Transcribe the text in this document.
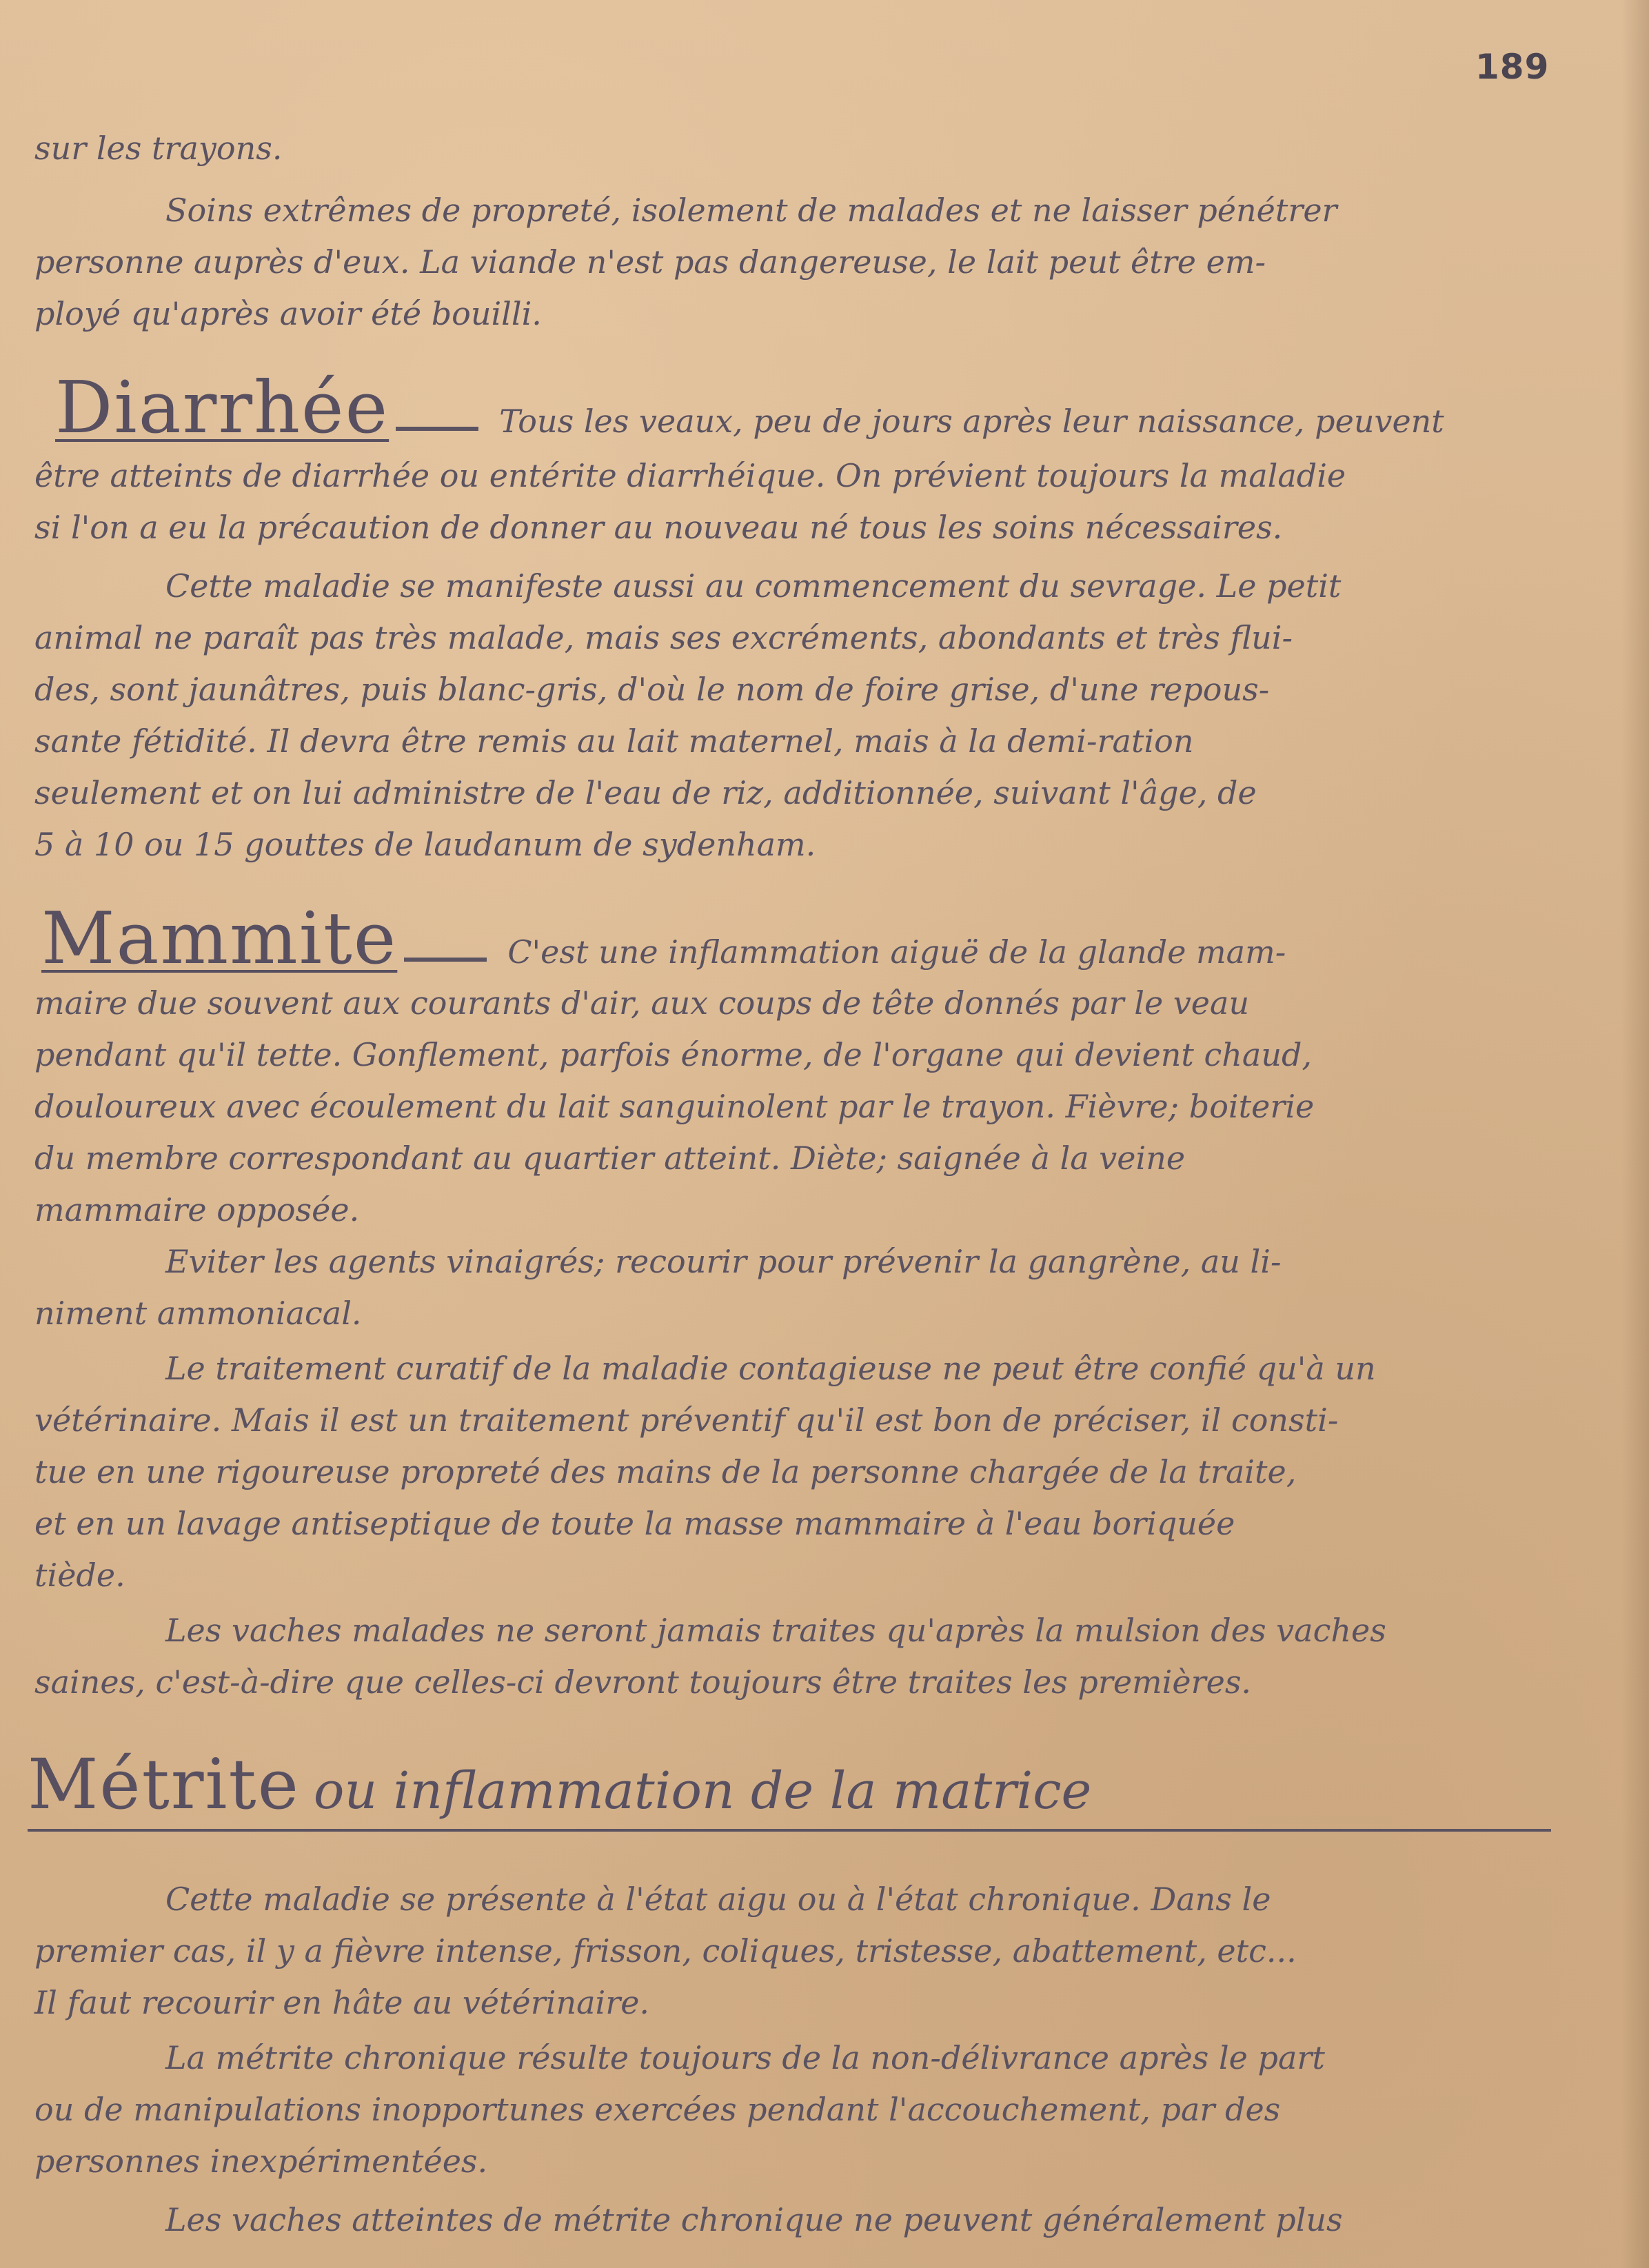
189
sur les trayons.
Soins extrêmes de propreté, isolement de malades et ne laisser pénétrer
personne auprès d'eux. La viande n'est pas dangereuse, le lait peut être em-
ployé qu'après avoir été bouilli.
Diarrhée	Tous les veaux, peu de jours après leur naissance, peuvent
être atteints de diarrhée ou entérite diarrhéique. On prévient toujours la maladie
si l'on a eu la précaution de donner au nouveau né tous les soins nécessaires.
Cette maladie se manifeste aussi au commencement du sevrage. Le petit
animal ne paraît pas très malade, mais ses excréments, abondants et très flui-
des, sont jaunâtres, puis blanc-gris, d'où le nom de foire grise, d'une repous-
sante fétidité. Il devra être remis au lait maternel, mais à la demi-ration
seulement et on lui administre de l'eau de riz, additionnée, suivant l'âge, de
5 à 10 ou 15 gouttes de laudanum de sydenham.
Mammite	C'est une inflammation aiguë de la glande mam-
maire due souvent aux courants d'air, aux coups de tête donnés par le veau
pendant qu'il tette. Gonflement, parfois énorme, de l'organe qui devient chaud,
douloureux avec écoulement du lait sanguinolent par le trayon. Fièvre; boiterie
du membre correspondant au quartier atteint. Diète; saignée à la veine
mammaire opposée.
Eviter les agents vinaigrés; recourir pour prévenir la gangrène, au li-
niment ammoniacal.
Le traitement curatif de la maladie contagieuse ne peut être confié qu'à un
vétérinaire. Mais il est un traitement préventif qu'il est bon de préciser, il consti-
tue en une rigoureuse propreté des mains de la personne chargée de la traite,
et en un lavage antiseptique de toute la masse mammaire à l'eau boriquée
tiède.
Les vaches malades ne seront jamais traites qu'après la mulsion des vaches
saines, c'est-à-dire que celles-ci devront toujours être traites les premières.
Métrite ou inflammation de la matrice
Cette maladie se présente à l'état aigu ou à l'état chronique. Dans le
premier cas, il y a fièvre intense, frisson, coliques, tristesse, abattement, etc...
Il faut recourir en hâte au vétérinaire.
La métrite chronique résulte toujours de la non-délivrance après le part
ou de manipulations inopportunes exercées pendant l'accouchement, par des
personnes inexpérimentées.
Les vaches atteintes de métrite chronique ne peuvent généralement plus
